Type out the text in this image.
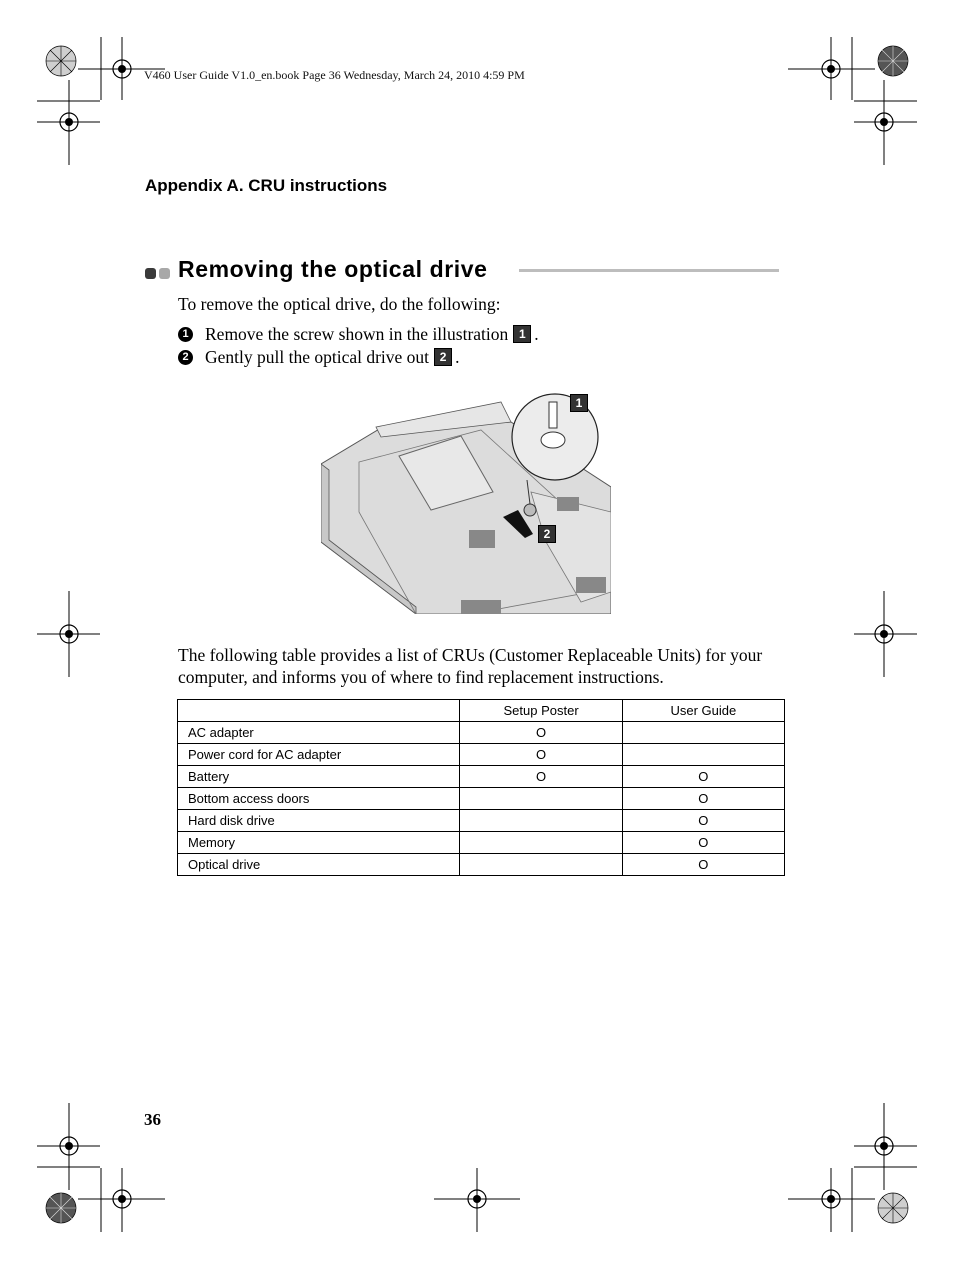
V460 User Guide V1.0_en.book Page 36 Wednesday, March 24, 2010 4:59 PM
Appendix A. CRU instructions
Removing the optical drive
To remove the optical drive, do the following:
1 Remove the screw shown in the illustration 1 .
2 Gently pull the optical drive out 2 .
1
2
The following table provides a list of CRUs (Customer Replaceable Units) for your computer, and informs you of where to find replacement instructions.
	Setup Poster	User Guide
AC adapter	O	
Power cord for AC adapter	O	
Battery	O	O
Bottom access doors		O
Hard disk drive		O
Memory		O
Optical drive		O
36
